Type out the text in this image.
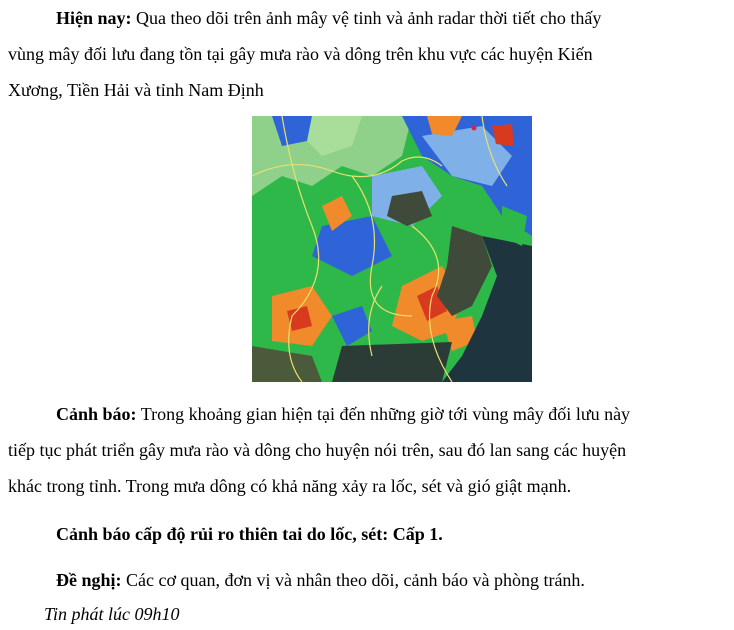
Hiện nay: Qua theo dõi trên ảnh mây vệ tinh và ảnh radar thời tiết cho thấy
vùng mây đối lưu đang tồn tại gây mưa rào và dông trên khu vực các huyện Kiến
Xương, Tiền Hải và tỉnh Nam Định

Cảnh báo: Trong khoảng gian hiện tại đến những giờ tới vùng mây đối lưu này
tiếp tục phát triển gây mưa rào và dông cho huyện nói trên, sau đó lan sang các huyện
khác trong tỉnh. Trong mưa dông có khả năng xảy ra lốc, sét và gió giật mạnh.

Cảnh báo cấp độ rủi ro thiên tai do lốc, sét: Cấp 1.

Đề nghị: Các cơ quan, đơn vị và nhân theo dõi, cảnh báo và phòng tránh.

Tin phát lúc 09h10
